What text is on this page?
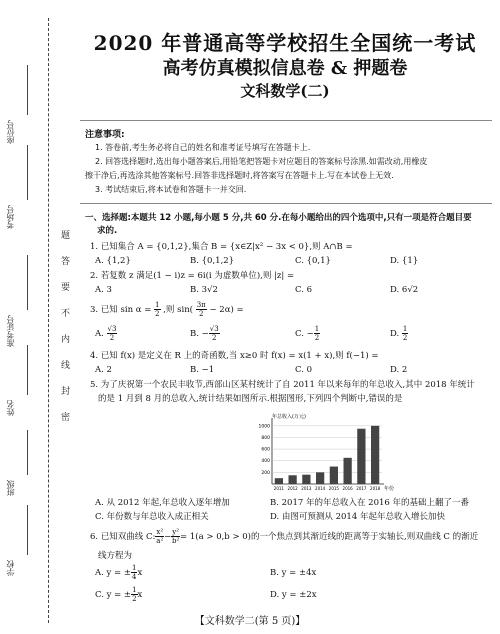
座位号
考场号
准考证号
姓名
班级
学校
题
答
要
不
内
线
封
密
2020 年普通高等学校招生全国统一考试
高考仿真模拟信息卷 & 押题卷
文科数学(二)
注意事项:
1. 答卷前,考生务必将自己的姓名和准考证号填写在答题卡上.
2. 回答选择题时,选出每小题答案后,用铅笔把答题卡对应题目的答案标号涂黑.如需改动,用橡皮
擦干净后,再选涂其他答案标号.回答非选择题时,将答案写在答题卡上.写在本试卷上无效.
3. 考试结束后,将本试卷和答题卡一并交回.
一、选择题:本题共 12 小题,每小题 5 分,共 60 分.在每小题给出的四个选项中,只有一项是符合题目要
求的.
1. 已知集合 A = {0,1,2},集合 B = {x∈Z|x² − 3x < 0},则 A∩B =
A. {1,2}	B. {0,1,2}	C. {0,1}	D. {1}
2. 若复数 z 满足(1 − i)z = 6i(i 为虚数单位),则 |z| =
A. 3	B. 3√2	C. 6	D. 6√2
3. 已知 $\sin \alpha = \frac{1}{2}$ ,则 $\sin( \frac{3\pi}{2} - 2\alpha)$ =
A. $\frac{√3}{2}$	B. − $\frac{√3}{2}$	C. − $\frac{1}{2}$	D. $\frac{1}{2}$
4. 已知 f(x) 是定义在 R 上的奇函数,当 x≥0 时 f(x) = x(1 + x),则 f(−1) =
A. 2	B. −1	C. 0	D. 2
5. 为了庆祝第一个农民丰收节,西部山区某村统计了自 2011 年以来每年的年总收入,其中 2018 年统计
的是 1 月到 8 月的总收入,统计结果如图所示.根据图形,下列四个判断中,错误的是
年总收入(万元)
年份
200
400
600
800
1000
2011 2012 2013 2014 2015 2016 2017 2018
A. 从 2012 年起,年总收入逐年增加	B. 2017 年的年总收入在 2016 年的基础上翻了一番
C. 年份数与年总收入成正相关	D. 由图可预测从 2014 年起年总收入增长加快
6. 已知双曲线 C: $\frac{\text{x²}}{\text{a²}} - \frac{\text{y²}}{\text{b²}} = 1(a > 0,b > 0)$的一个焦点到其渐近线的距离等于实轴长,则双曲线 C 的渐近
线方程为
A. y = ± $\frac{1}{4}$ x	B. y = ±4x
C. y = ± $\frac{1}{2}$ x	D. y = ±2x
【文科数学二(第 5 页)】
